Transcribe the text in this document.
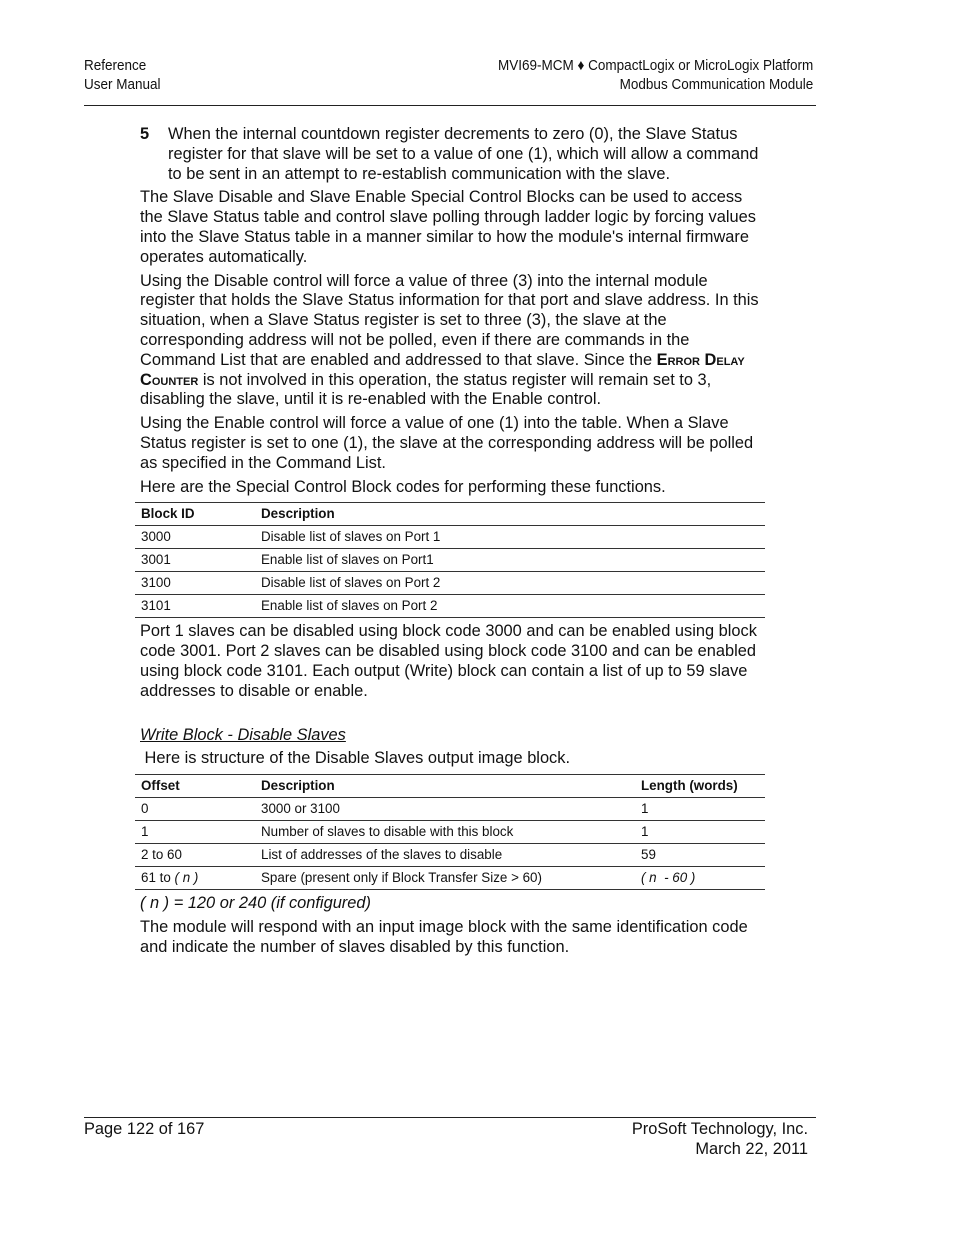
Reference
User Manual
MVI69-MCM ♦ CompactLogix or MicroLogix Platform
Modbus Communication Module
5 When the internal countdown register decrements to zero (0), the Slave Status register for that slave will be set to a value of one (1), which will allow a command to be sent in an attempt to re-establish communication with the slave.

The Slave Disable and Slave Enable Special Control Blocks can be used to access the Slave Status table and control slave polling through ladder logic by forcing values into the Slave Status table in a manner similar to how the module's internal firmware operates automatically.

Using the Disable control will force a value of three (3) into the internal module register that holds the Slave Status information for that port and slave address. In this situation, when a Slave Status register is set to three (3), the slave at the corresponding address will not be polled, even if there are commands in the Command List that are enabled and addressed to that slave. Since the Error Delay Counter is not involved in this operation, the status register will remain set to 3, disabling the slave, until it is re-enabled with the Enable control.

Using the Enable control will force a value of one (1) into the table. When a Slave Status register is set to one (1), the slave at the corresponding address will be polled as specified in the Command List.

Here are the Special Control Block codes for performing these functions.

Block ID	Description
3000	Disable list of slaves on Port 1
3001	Enable list of slaves on Port1
3100	Disable list of slaves on Port 2
3101	Enable list of slaves on Port 2

Port 1 slaves can be disabled using block code 3000 and can be enabled using block code 3001. Port 2 slaves can be disabled using block code 3100 and can be enabled using block code 3101. Each output (Write) block can contain a list of up to 59 slave addresses to disable or enable.

Write Block - Disable Slaves

Here is structure of the Disable Slaves output image block.

Offset	Description	Length (words)
0	3000 or 3100	1
1	Number of slaves to disable with this block	1
2 to 60	List of addresses of the slaves to disable	59
61 to ( n )	Spare (present only if Block Transfer Size > 60)	( n  - 60 )

( n ) = 120 or 240 (if configured)

The module will respond with an input image block with the same identification code and indicate the number of slaves disabled by this function.

Page 122 of 167	ProSoft Technology, Inc.
March 22, 2011
